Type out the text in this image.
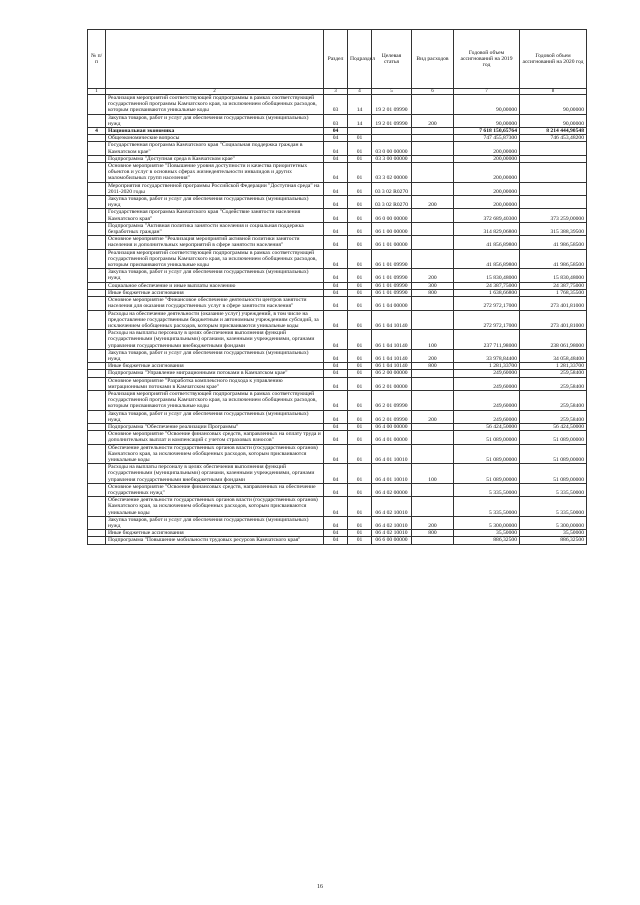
№ п/п		Раздел	Подраздел	Целевая статья	Вид расходов	Годовой объем ассигнований на 2019 год	Годовой объем ассигнований на 2020 год
1	2	3	4	5	6	7	8
	Реализация мероприятий соответствующей подпрограммы в рамках соответствующей государственной программы Камчатского края, за исключением обобщенных расходов, которым присваиваются уникальные коды	03	14	19 2 01 09990		90,00000	90,00000
	Закупка товаров, работ и услуг для обеспечения государственных (муниципальных) нужд	03	14	19 2 01 09990	200	90,00000	90,00000
4	Национальная экономика	04				7 618 150,65764	8 214 444,90548
	Общеэкономические вопросы	04	01			747 455,87300	746 453,48200
	Государственная программа Камчатского края "Социальная поддержка граждан в Камчатском крае"	04	01	03 0 00 00000		200,00000	
	Подпрограмма "Доступная среда в Камчатском крае"	04	01	03 3 00 00000		200,00000	
	Основное мероприятие "Повышение уровня доступности и качества приоритетных объектов и услуг в основных сферах жизнедеятельности инвалидов и других маломобильных групп населения"	04	01	03 3 02 00000		200,00000	
	Мероприятия государственной программы Российской Федерации "Доступная среда" на 2011-2020 годы	04	01	03 3 02 R0270		200,00000	
	Закупка товаров, работ и услуг для обеспечения государственных (муниципальных) нужд	04	01	03 3 02 R0270	200	200,00000	
	Государственная программа Камчатского края "Содействие занятости населения Камчатского края"	04	01	06 0 00 00000		372 689,40300	373 259,00000
	Подпрограмма "Активная политика занятости населения и социальная поддержка безработных граждан"	04	01	06 1 00 00000		314 829,06800	315 388,39500
	Основное мероприятие "Реализация мероприятий активной политики занятости населения и дополнительных мероприятий в сфере занятости населения"	04	01	06 1 01 00000		41 856,89800	41 986,58500
	Реализация мероприятий соответствующей подпрограммы в рамках соответствующей государственной программы Камчатского края, за исключением обобщенных расходов, которым присваиваются уникальные коды	04	01	06 1 01 09990		41 856,89800	41 986,58500
	Закупка товаров, работ и услуг для обеспечения государственных (муниципальных) нужд	04	01	06 1 01 09990	200	15 830,48000	15 830,48000
	Социальное обеспечение и иные выплаты населению	04	01	06 1 01 09990	300	24 387,75000	24 387,75000
	Иные бюджетные ассигнования	04	01	06 1 01 09990	800	1 638,66800	1 768,35500
	Основное мероприятие "Финансовое обеспечение деятельности центров занятости населения для оказания государственных услуг в сфере занятости населения"	04	01	06 1 04 00000		272 972,17000	273 401,81000
	Расходы на обеспечение деятельности (оказание услуг) учреждений, в том числе на предоставление государственным бюджетным и автономным учреждениям субсидий, за исключением обобщенных расходов, которым присваиваются уникальные коды	04	01	06 1 04 10140		272 972,17000	273 401,81000
	Расходы на выплаты персоналу в целях обеспечения выполнения функций государственными (муниципальными) органами, казенными учреждениями, органами управления государственными внебюджетными фондами	04	01	06 1 04 10140	100	237 711,98000	238 061,98000
	Закупка товаров, работ и услуг для обеспечения государственных (муниципальных) нужд	04	01	06 1 04 10140	200	33 978,84400	34 058,48400
	Иные бюджетные ассигнования	04	01	06 1 04 10140	800	1 281,33700	1 281,33700
	Подпрограмма "Управление миграционными потоками в Камчатском крае"	04	01	06 2 00 00000		249,60000	259,58400
	Основное мероприятие "Разработка комплексного подхода к управлению миграционными потоками в Камчатском крае"	04	01	06 2 01 00000		249,60000	259,58400
	Реализация мероприятий соответствующей подпрограммы в рамках соответствующей государственной программы Камчатского края, за исключением обобщенных расходов, которым присваиваются уникальные коды	04	01	06 2 01 09990		249,60000	259,58400
	Закупка товаров, работ и услуг для обеспечения государственных (муниципальных) нужд	04	01	06 2 01 09990	200	249,60000	259,58400
	Подпрограмма "Обеспечение реализации Программы"	04	01	06 4 00 00000		56 424,50000	56 424,50000
	Основное мероприятие "Освоение финансовых средств, направленных на оплату труда и дополнительных выплат и компенсаций с учетом страховых взносов"	04	01	06 4 01 00000		51 089,00000	51 089,00000
	Обеспечение деятельности государственных органов власти (государственных органов) Камчатского края, за исключением обобщенных расходов, которым присваиваются уникальные коды	04	01	06 4 01 10010		51 089,00000	51 089,00000
	Расходы на выплаты персоналу в целях обеспечения выполнения функций государственными (муниципальными) органами, казенными учреждениями, органами управления государственными внебюджетными фондами	04	01	06 4 01 10010	100	51 089,00000	51 089,00000
	Основное мероприятие "Освоение финансовых средств, направленных на обеспечение государственных нужд"	04	01	06 4 02 00000		5 335,50000	5 335,50000
	Обеспечение деятельности государственных органов власти (государственных органов) Камчатского края, за исключением обобщенных расходов, которым присваиваются уникальные коды	04	01	06 4 02 10010		5 335,50000	5 335,50000
	Закупка товаров, работ и услуг для обеспечения государственных (муниципальных) нужд	04	01	06 4 02 10010	200	5 300,00000	5 300,00000
	Иные бюджетные ассигнования	04	01	06 4 02 10010	800	35,50000	35,50000
	Подпрограмма "Повышение мобильности трудовых ресурсов Камчатского края"	04	01	06 6 00 00000		886,32500	886,32500
16
